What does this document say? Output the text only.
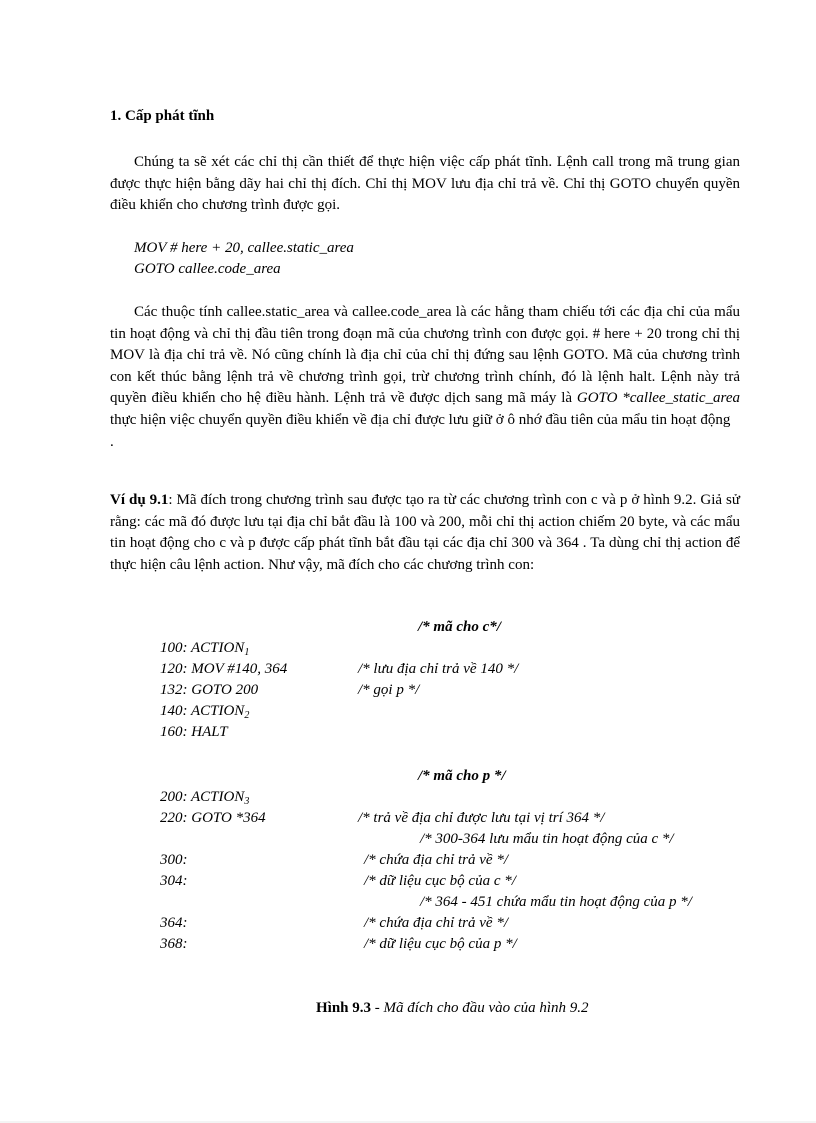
1. Cấp phát tĩnh
Chúng ta sẽ xét các chỉ thị cần thiết để thực hiện việc cấp phát tĩnh. Lệnh call trong mã trung gian được thực hiện bằng dãy hai chỉ thị đích. Chỉ thị MOV lưu địa chỉ trả về. Chỉ thị GOTO chuyển quyền điều khiển cho chương trình được gọi.
MOV # here + 20, callee.static_area
GOTO callee.code_area
Các thuộc tính callee.static_area và callee.code_area là các hằng tham chiếu tới các địa chỉ của mẩu tin hoạt động và chỉ thị đầu tiên trong đoạn mã của chương trình con được gọi. # here + 20 trong chỉ thị MOV là địa chỉ trả về. Nó cũng chính là địa chỉ của chỉ thị đứng sau lệnh GOTO. Mã của chương trình con kết thúc bằng lệnh trả về chương trình gọi, trừ chương trình chính, đó là lệnh halt. Lệnh này trả quyền điều khiển cho hệ điều hành. Lệnh trả về được dịch sang mã máy là GOTO *callee_static_area thực hiện việc chuyển quyền điều khiển về địa chỉ được lưu giữ ở ô nhớ đầu tiên của mẩu tin hoạt động
.
Ví dụ 9.1: Mã đích trong chương trình sau được tạo ra từ các chương trình con c và p ở hình 9.2. Giả sử rằng: các mã đó được lưu tại địa chỉ bắt đầu là 100 và 200, mỗi chỉ thị action chiếm 20 byte, và các mẩu tin hoạt động cho c và p được cấp phát tĩnh bắt đầu tại các địa chỉ 300 và 364 . Ta dùng chỉ thị action để thực hiện câu lệnh action. Như vậy, mã đích cho các chương trình con:
/* mã cho c*/
100: $ACTION_1$
120: MOV #140, 364	/* lưu địa chỉ trả về 140 */
132: GOTO 200	/* gọi p */
140: $ACTION_2$
160: HALT
/* mã cho p */
200: $ACTION_3$
220: GOTO *364	/* trả về địa chỉ được lưu tại vị trí 364 */
/* 300-364 lưu mẩu tin hoạt động của c */
300:	/* chứa địa chỉ trả về */
304:	/* dữ liệu cục bộ của c */
/* 364 - 451 chứa mẩu tin hoạt động của p */
364:	/* chứa địa chỉ trả về */
368:	/* dữ liệu cục bộ của p */
Hình 9.3 - Mã đích cho đầu vào của hình 9.2
